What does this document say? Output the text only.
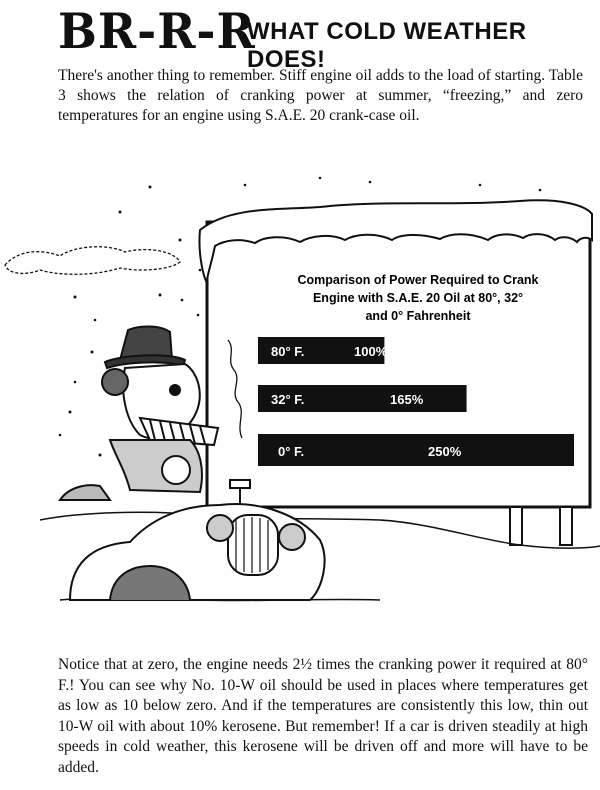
BR-R-R
WHAT COLD WEATHER DOES!
There's another thing to remember. Stiff engine oil adds to the load of starting. Table 3 shows the relation of cranking power at summer, “freezing,” and zero temperatures for an engine using S.A.E. 20 crank-case oil.
Comparison of Power Required to Crank
Engine with S.A.E. 20 Oil at 80°, 32°
and 0° Fahrenheit
80° F.
32° F.
0° F.
100%
165%
250%
Notice that at zero, the engine needs 2½ times the cranking power it required at 80° F.! You can see why No. 10-W oil should be used in places where temperatures get as low as 10 below zero. And if the temperatures are consistently this low, thin out 10-W oil with about 10% kerosene. But remember! If a car is driven steadily at high speeds in cold weather, this kerosene will be driven off and more will have to be added.
